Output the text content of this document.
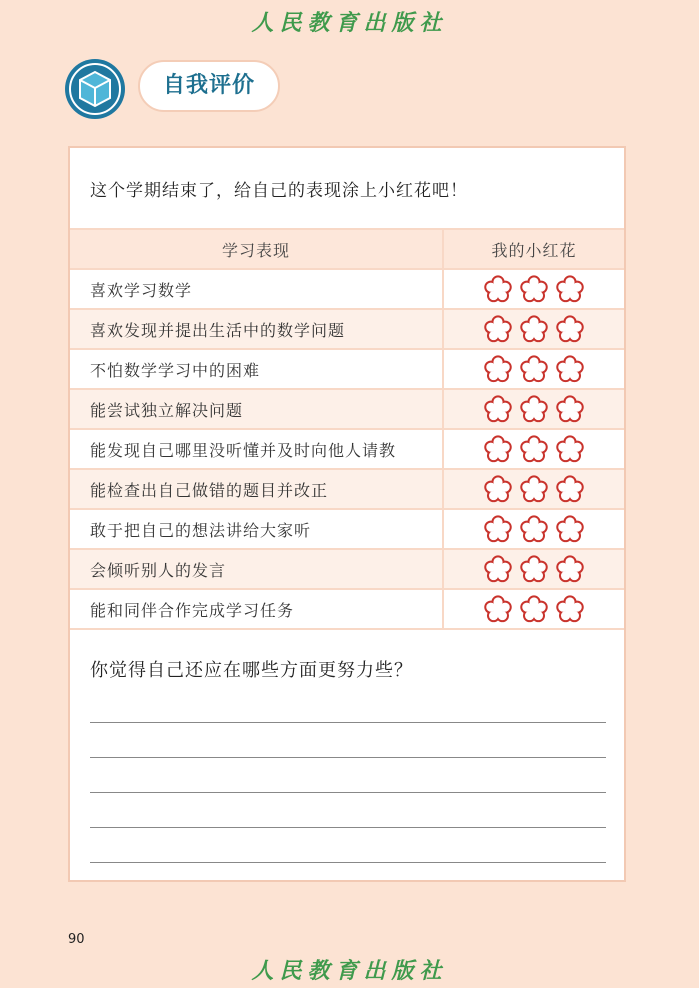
人民教育出版社
自我评价
这个学期结束了，给自己的表现涂上小红花吧！
学习表现	我的小红花
喜欢学习数学	
喜欢发现并提出生活中的数学问题	
不怕数学学习中的困难	
能尝试独立解决问题	
能发现自己哪里没听懂并及时向他人请教	
能检查出自己做错的题目并改正	
敢于把自己的想法讲给大家听	
会倾听别人的发言	
能和同伴合作完成学习任务	
你觉得自己还应在哪些方面更努力些？
90
人民教育出版社
